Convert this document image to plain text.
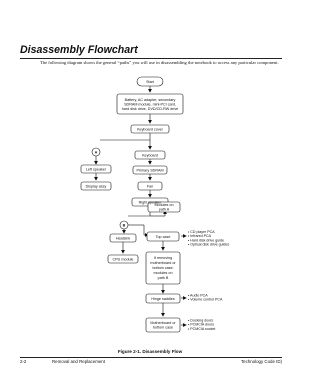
Disassembly Flowchart
The following diagram shows the general “paths” you will use in disassembling the notebook to access any particular component.
Start
Battery, AC adapter, secondary
SDRAM module, mini-PCI card,
hard disk drive, DVD/CD-RW drive
Keyboard cover
A
Left speaker
Display assy
Keyboard
Primary SDRAM
Fan
Right speaker
B
Modules on
path A
Heatsink
CPU module
Top case
If removing
motherboard or
bottom case:
modules on
path B
Hinge saddles
Motherboard or
bottom case
• CD player PCA
• Infrared PCA
• Hard disk drive guide
• Optical disk drive guides
• Audio PCA
• Volume control PCA
• Docking doors
• PCMCIA doors
• PCMCIA socket
Figure 2-1. Disassembly Flow
2-2	Removal and Replacement	Technology Code ID)
